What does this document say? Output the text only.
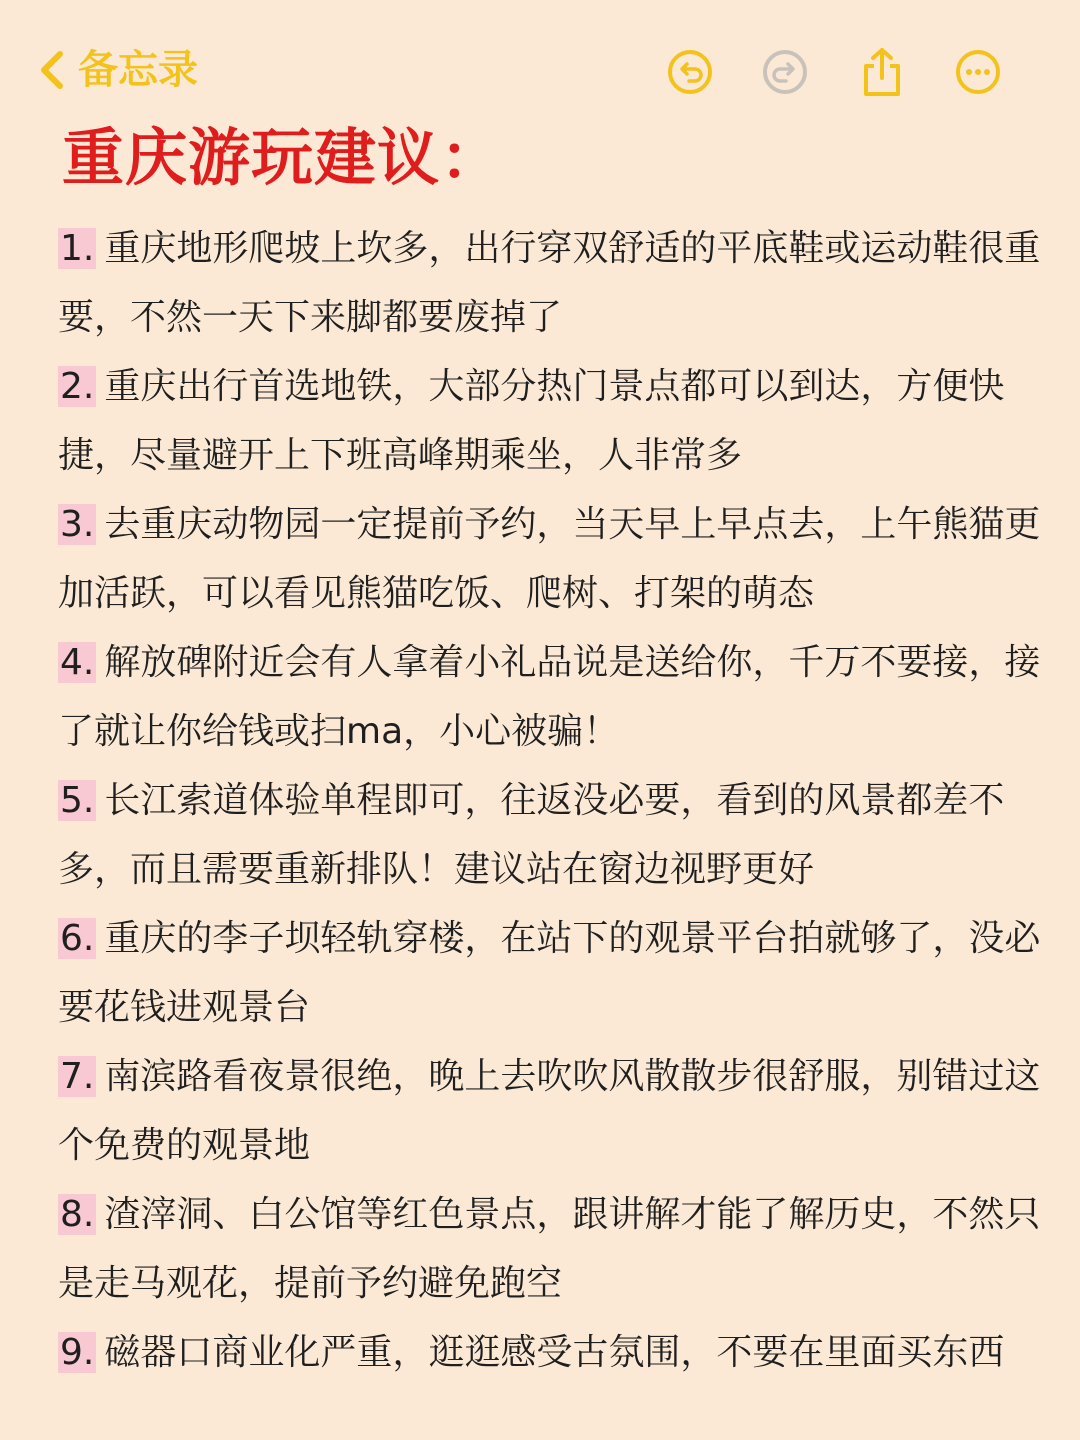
备忘录
重庆游玩建议：

1. 重庆地形爬坡上坎多，出行穿双舒适的平底鞋或运动鞋很重要，不然一天下来脚都要废掉了

2. 重庆出行首选地铁，大部分热门景点都可以到达，方便快捷，尽量避开上下班高峰期乘坐，人非常多

3. 去重庆动物园一定提前予约，当天早上早点去，上午熊猫更加活跃，可以看见熊猫吃饭、爬树、打架的萌态

4. 解放碑附近会有人拿着小礼品说是送给你，千万不要接，接了就让你给钱或扫ma，小心被骗！

5. 长江索道体验单程即可，往返没必要，看到的风景都差不多，而且需要重新排队！建议站在窗边视野更好

6. 重庆的李子坝轻轨穿楼，在站下的观景平台拍就够了，没必要花钱进观景台

7. 南滨路看夜景很绝，晚上去吹吹风散散步很舒服，别错过这个免费的观景地

8. 渣滓洞、白公馆等红色景点，跟讲解才能了解历史，不然只是走马观花，提前予约避免跑空

9. 磁器口商业化严重，逛逛感受古氛围，不要在里面买东西
